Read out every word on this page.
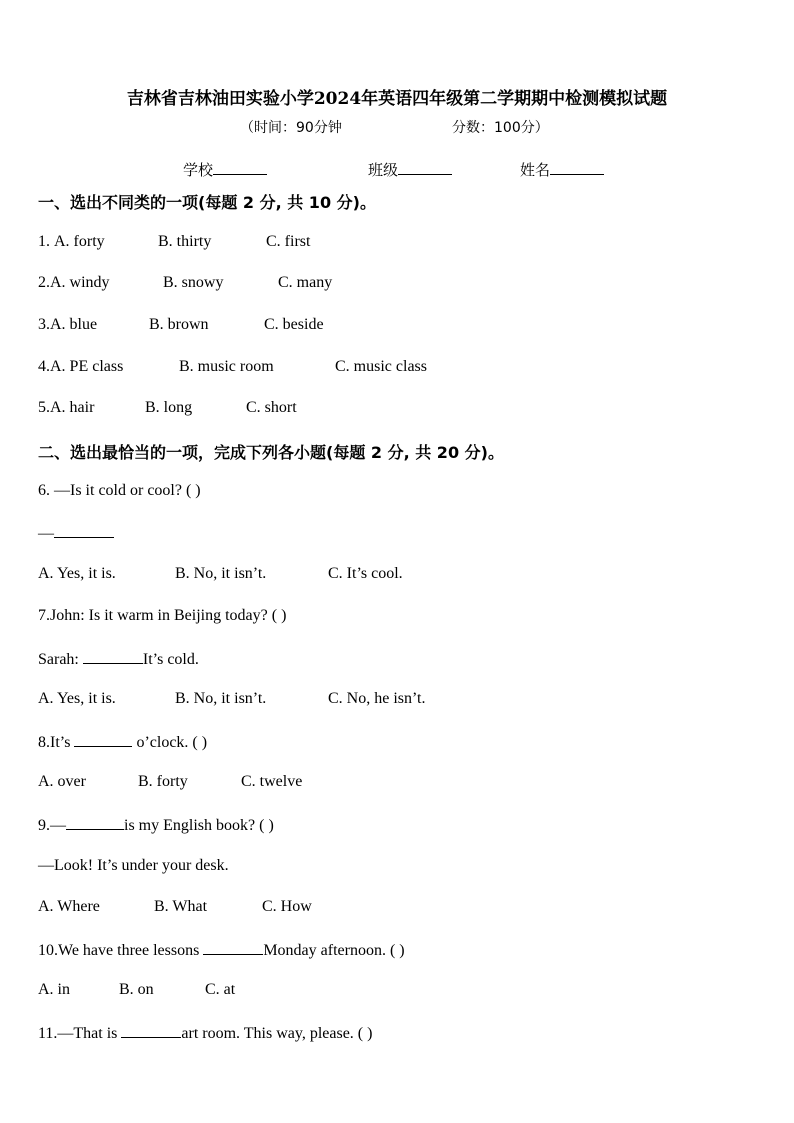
吉林省吉林油田实验小学2024年英语四年级第二学期期中检测模拟试题
（时间：90分钟	分数：100分）
学校	班级	姓名
一、选出不同类的一项(每题 2 分, 共 10 分)。
1. A. forty	B. thirty	C. first
2.A. windy	B. snowy	C. many
3.A. blue	B. brown	C. beside
4.A. PE class	B. music room	C. music class
5.A. hair	B. long	C. short
二、选出最恰当的一项，完成下列各小题(每题 2 分, 共 20 分)。
6. —Is it cold or cool? ( )
—
A. Yes, it is.	B. No, it isn’t.	C. It’s cool.
7.John: Is it warm in Beijing today? ( )
Sarah:	It’s cold.
A. Yes, it is.	B. No, it isn’t.	C. No, he isn’t.
8.It’s	o’clock. ( )
A. over	B. forty	C. twelve
9.—	is my English book? ( )
—Look! It’s under your desk.
A. Where	B. What	C. How
10.We have three lessons	Monday afternoon. ( )
A. in	B. on	C. at
11.—That is	art room. This way, please. ( )
